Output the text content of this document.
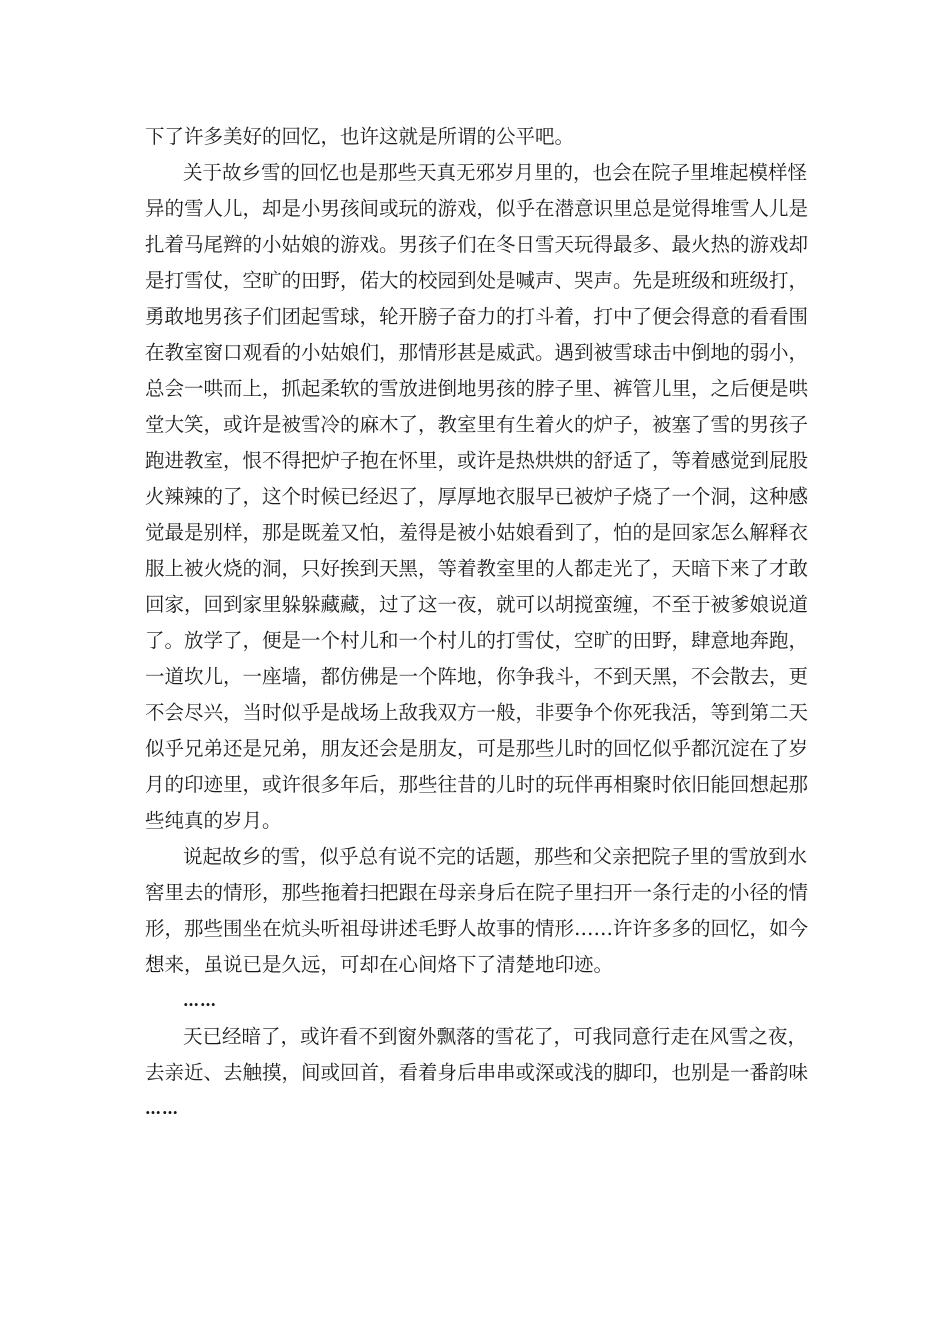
下了许多美好的回忆，也许这就是所谓的公平吧。
关于故乡雪的回忆也是那些天真无邪岁月里的，也会在院子里堆起模样怪
异的雪人儿，却是小男孩间或玩的游戏，似乎在潜意识里总是觉得堆雪人儿是
扎着马尾辫的小姑娘的游戏。男孩子们在冬日雪天玩得最多、最火热的游戏却
是打雪仗，空旷的田野，偌大的校园到处是喊声、哭声。先是班级和班级打，
勇敢地男孩子们团起雪球，轮开膀子奋力的打斗着，打中了便会得意的看看围
在教室窗口观看的小姑娘们，那情形甚是威武。遇到被雪球击中倒地的弱小，
总会一哄而上，抓起柔软的雪放进倒地男孩的脖子里、裤管儿里，之后便是哄
堂大笑，或许是被雪冷的麻木了，教室里有生着火的炉子，被塞了雪的男孩子
跑进教室，恨不得把炉子抱在怀里，或许是热烘烘的舒适了，等着感觉到屁股
火辣辣的了，这个时候已经迟了，厚厚地衣服早已被炉子烧了一个洞，这种感
觉最是别样，那是既羞又怕，羞得是被小姑娘看到了，怕的是回家怎么解释衣
服上被火烧的洞，只好挨到天黑，等着教室里的人都走光了，天暗下来了才敢
回家，回到家里躲躲藏藏，过了这一夜，就可以胡搅蛮缠，不至于被爹娘说道
了。放学了，便是一个村儿和一个村儿的打雪仗，空旷的田野，肆意地奔跑，
一道坎儿，一座墙，都仿佛是一个阵地，你争我斗，不到天黑，不会散去，更
不会尽兴，当时似乎是战场上敌我双方一般，非要争个你死我活，等到第二天
似乎兄弟还是兄弟，朋友还会是朋友，可是那些儿时的回忆似乎都沉淀在了岁
月的印迹里，或许很多年后，那些往昔的儿时的玩伴再相聚时依旧能回想起那
些纯真的岁月。
说起故乡的雪，似乎总有说不完的话题，那些和父亲把院子里的雪放到水
窖里去的情形，那些拖着扫把跟在母亲身后在院子里扫开一条行走的小径的情
形，那些围坐在炕头听祖母讲述毛野人故事的情形……许许多多的回忆，如今
想来，虽说已是久远，可却在心间烙下了清楚地印迹。
……
天已经暗了，或许看不到窗外飘落的雪花了，可我同意行走在风雪之夜，
去亲近、去触摸，间或回首，看着身后串串或深或浅的脚印，也别是一番韵味
……
